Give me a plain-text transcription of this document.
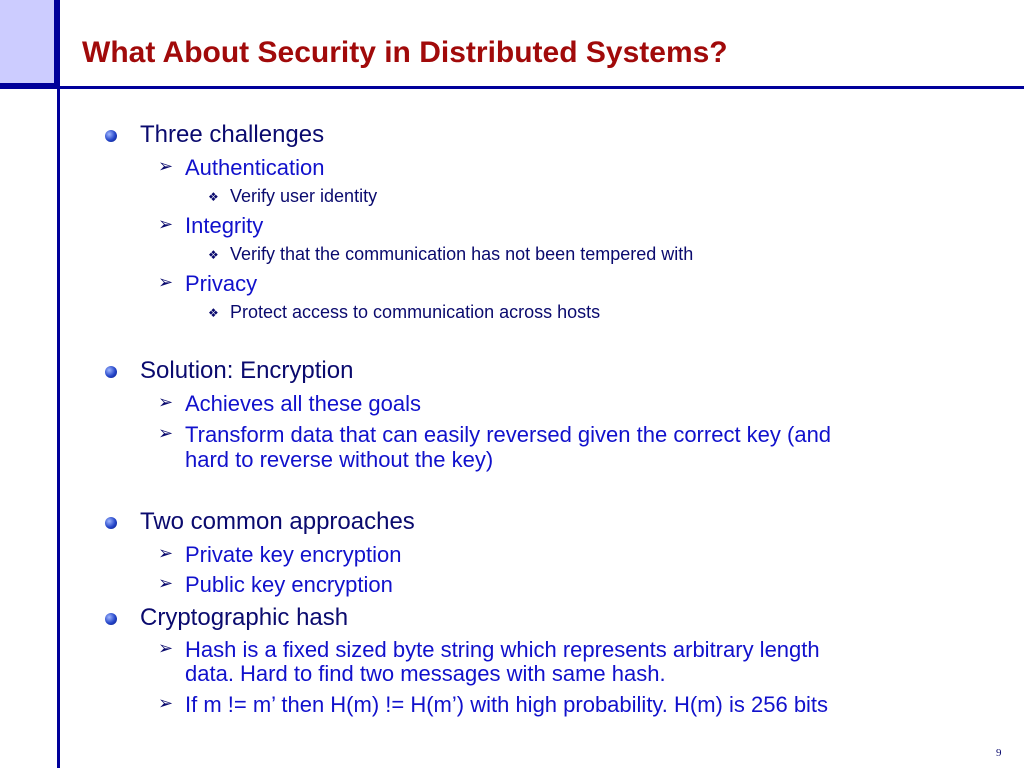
What About Security in Distributed Systems?
Three challenges
➢ Authentication
❖ Verify user identity
➢ Integrity
❖ Verify that the communication has not been tempered with
➢ Privacy
❖ Protect access to communication across hosts
Solution: Encryption
➢ Achieves all these goals
➢ Transform data that can easily reversed given the correct key (and
hard to reverse without the key)
Two common approaches
➢ Private key encryption
➢ Public key encryption
Cryptographic hash
➢ Hash is a fixed sized byte string which represents arbitrary length
data. Hard to find two messages with same hash.
➢ If m != m’ then H(m) != H(m’) with high probability. H(m) is 256 bits
9
